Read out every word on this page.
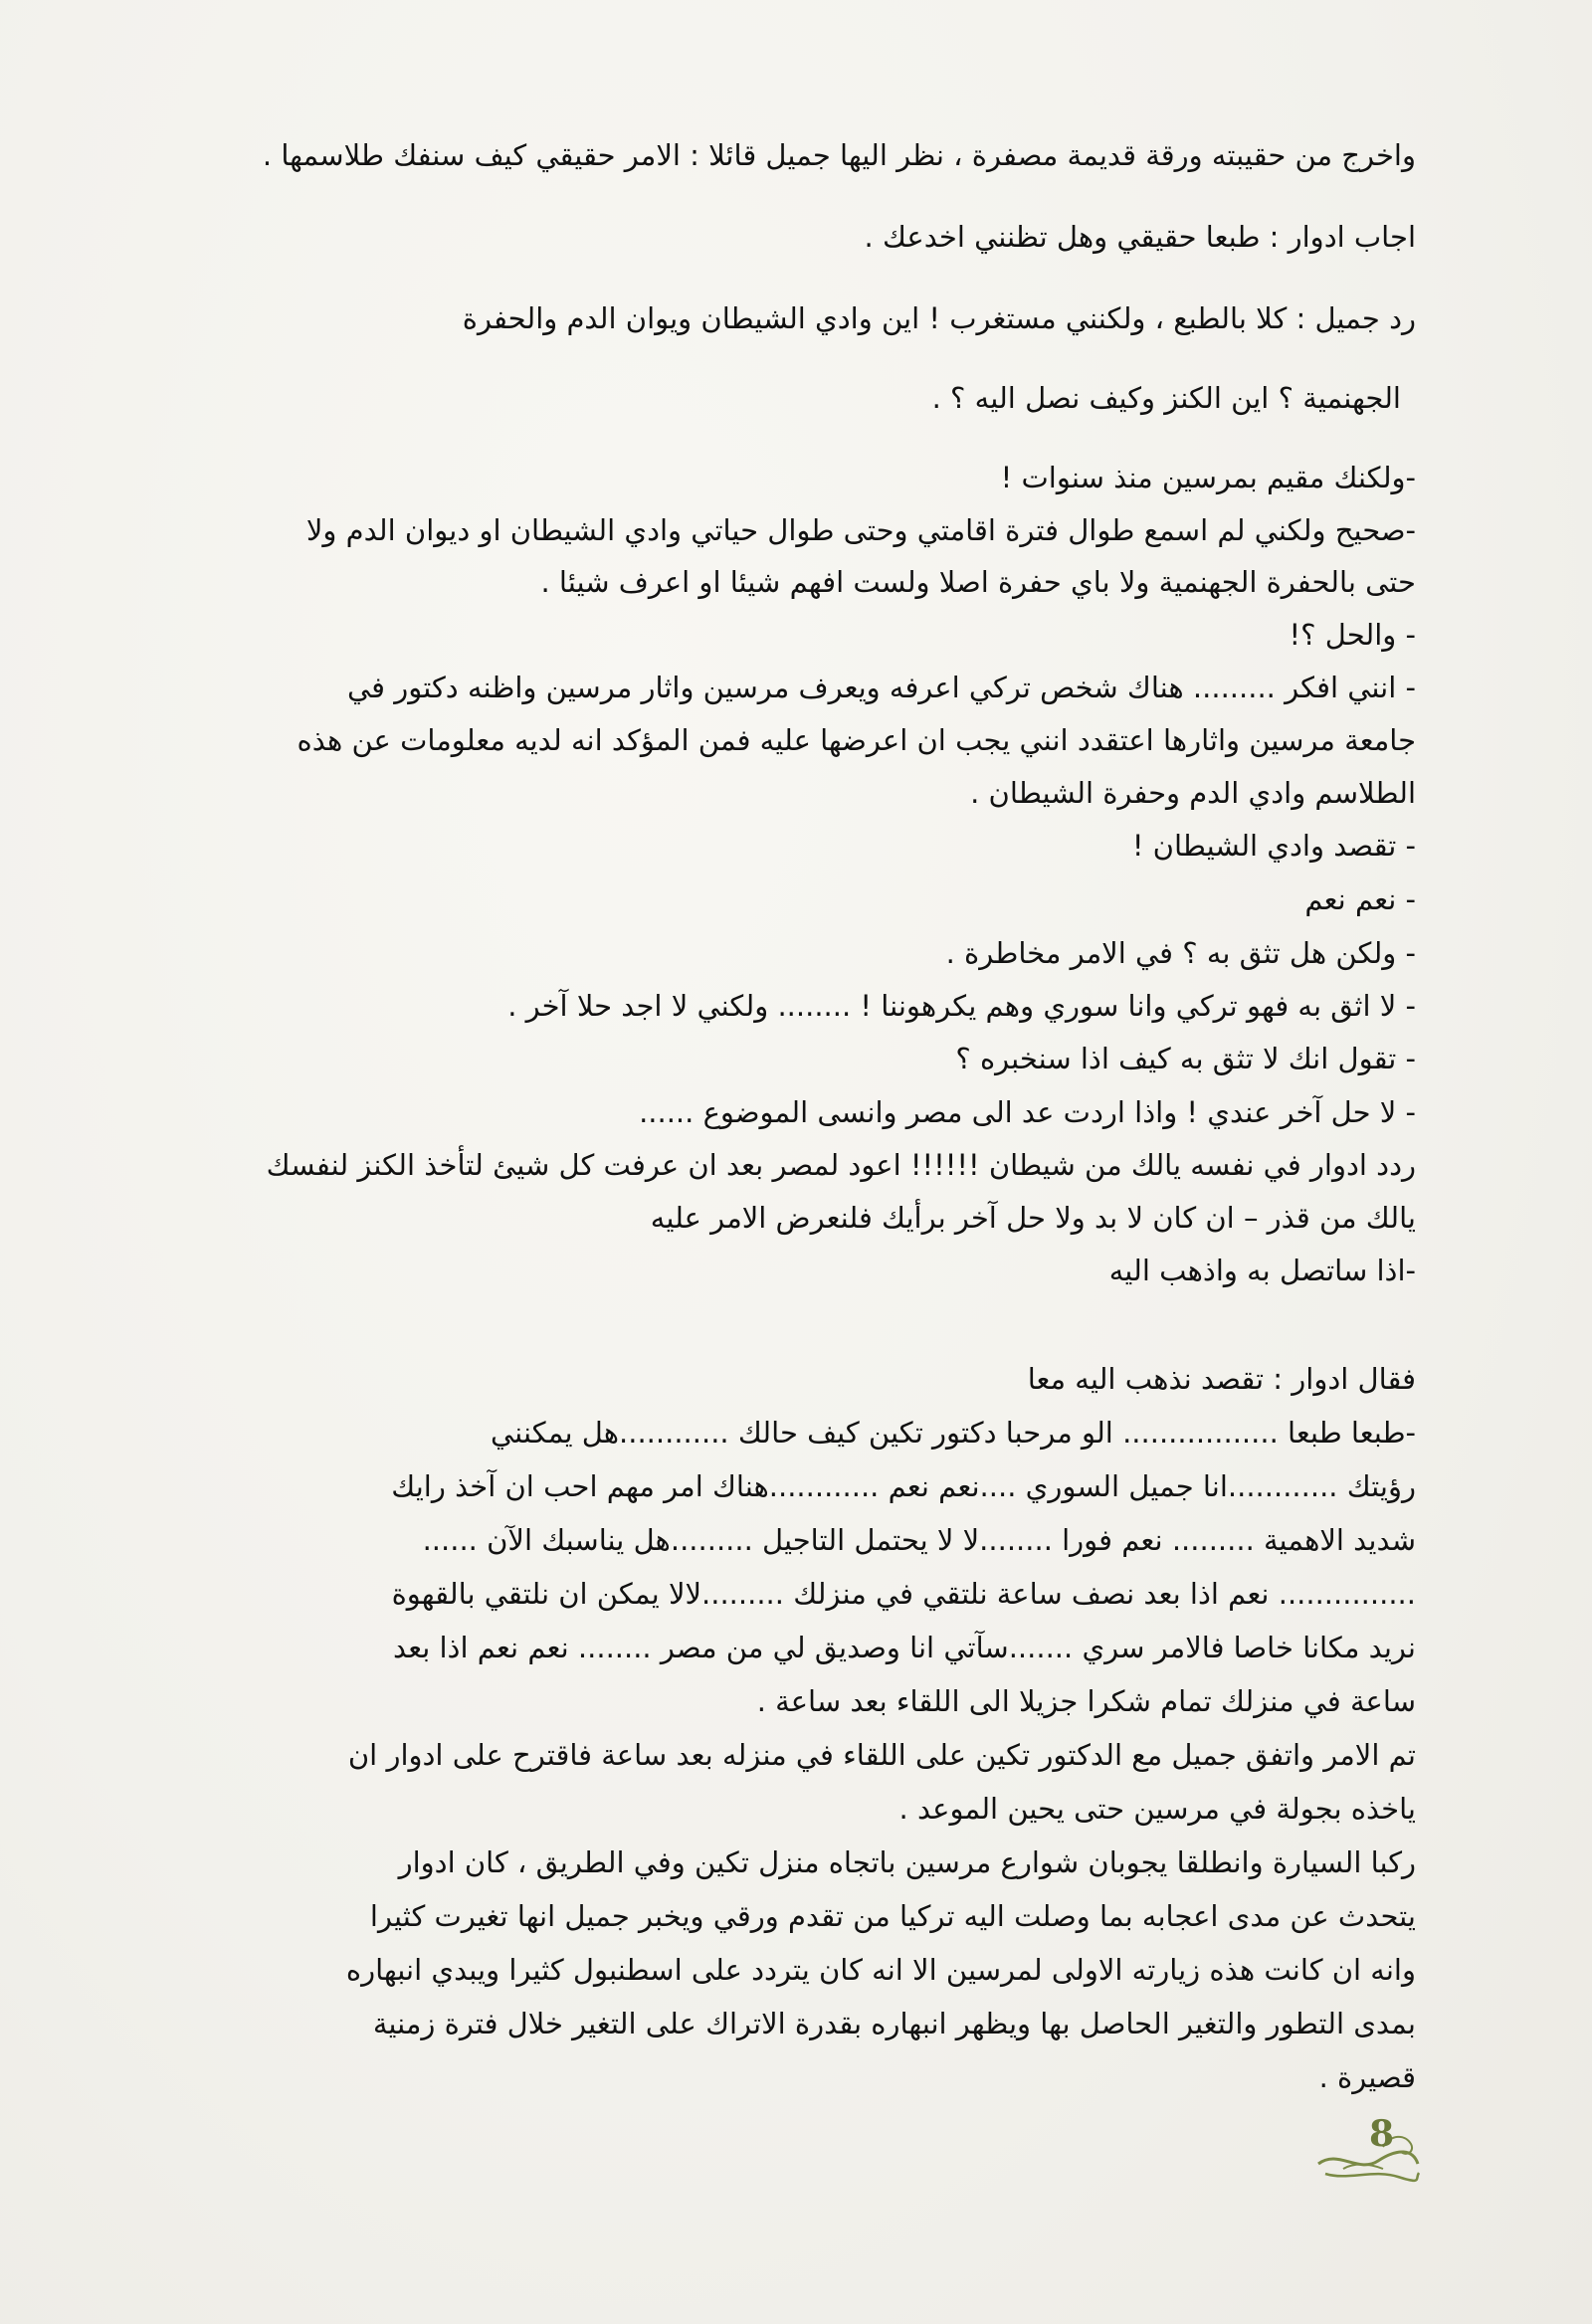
واخرج من حقيبته ورقة قديمة مصفرة ، نظر اليها جميل قائلا : الامر حقيقي كيف سنفك طلاسمها .
اجاب ادوار : طبعا حقيقي وهل تظنني اخدعك .
رد جميل : كلا بالطبع ، ولكنني مستغرب ! اين وادي الشيطان ويوان الدم والحفرة
الجهنمية ؟ اين الكنز وكيف نصل اليه ؟ .
-ولكنك مقيم بمرسين منذ سنوات !
-صحيح ولكني لم اسمع طوال فترة اقامتي وحتى طوال حياتي وادي الشيطان او ديوان الدم ولا
حتى بالحفرة الجهنمية ولا باي حفرة اصلا ولست افهم شيئا او اعرف شيئا .
- والحل ؟!
- انني افكر ......... هناك شخص تركي اعرفه ويعرف مرسين واثار مرسين واظنه دكتور في
جامعة مرسين واثارها اعتقدد انني يجب ان اعرضها عليه فمن المؤكد انه لديه معلومات عن هذه
الطلاسم وادي الدم وحفرة الشيطان .
- تقصد وادي الشيطان !
- نعم نعم
- ولكن هل تثق به ؟ في الامر مخاطرة .
- لا اثق به فهو تركي وانا سوري وهم يكرهوننا ! ........ ولكني لا اجد حلا آخر .
- تقول انك لا تثق به كيف اذا سنخبره ؟
- لا حل آخر عندي ! واذا اردت عد الى مصر وانسى الموضوع ......
ردد ادوار في نفسه يالك من شيطان !!!!!! اعود لمصر بعد ان عرفت كل شيئ لتأخذ الكنز لنفسك
يالك من قذر – ان كان لا بد ولا حل آخر برأيك فلنعرض الامر عليه
-اذا ساتصل به واذهب اليه
فقال ادوار : تقصد نذهب اليه معا
-طبعا طبعا ................. الو مرحبا دكتور تكين كيف حالك ............هل يمكنني
رؤيتك ............انا جميل السوري ....نعم نعم ............هناك امر مهم احب ان آخذ رايك
شديد الاهمية ......... نعم فورا ........لا لا يحتمل التاجيل .........هل يناسبك الآن ......
............... نعم اذا بعد نصف ساعة نلتقي في منزلك .........لالا يمكن ان نلتقي بالقهوة
نريد مكانا خاصا فالامر سري .......سآتي انا وصديق لي من مصر ........ نعم نعم اذا بعد
ساعة في منزلك تمام شكرا جزيلا الى اللقاء بعد ساعة .
تم الامر واتفق جميل مع الدكتور تكين على اللقاء في منزله بعد ساعة فاقترح على ادوار ان
ياخذه بجولة في مرسين حتى يحين الموعد .
ركبا السيارة وانطلقا يجوبان شوارع مرسين باتجاه منزل تكين وفي الطريق ، كان ادوار
يتحدث عن مدى اعجابه بما وصلت اليه تركيا من تقدم ورقي ويخبر جميل انها تغيرت كثيرا
وانه ان كانت هذه زيارته الاولى لمرسين الا انه كان يتردد على اسطنبول كثيرا ويبدي انبهاره
بمدى التطور والتغير الحاصل بها ويظهر انبهاره بقدرة الاتراك على التغير خلال فترة زمنية
قصيرة .
8
